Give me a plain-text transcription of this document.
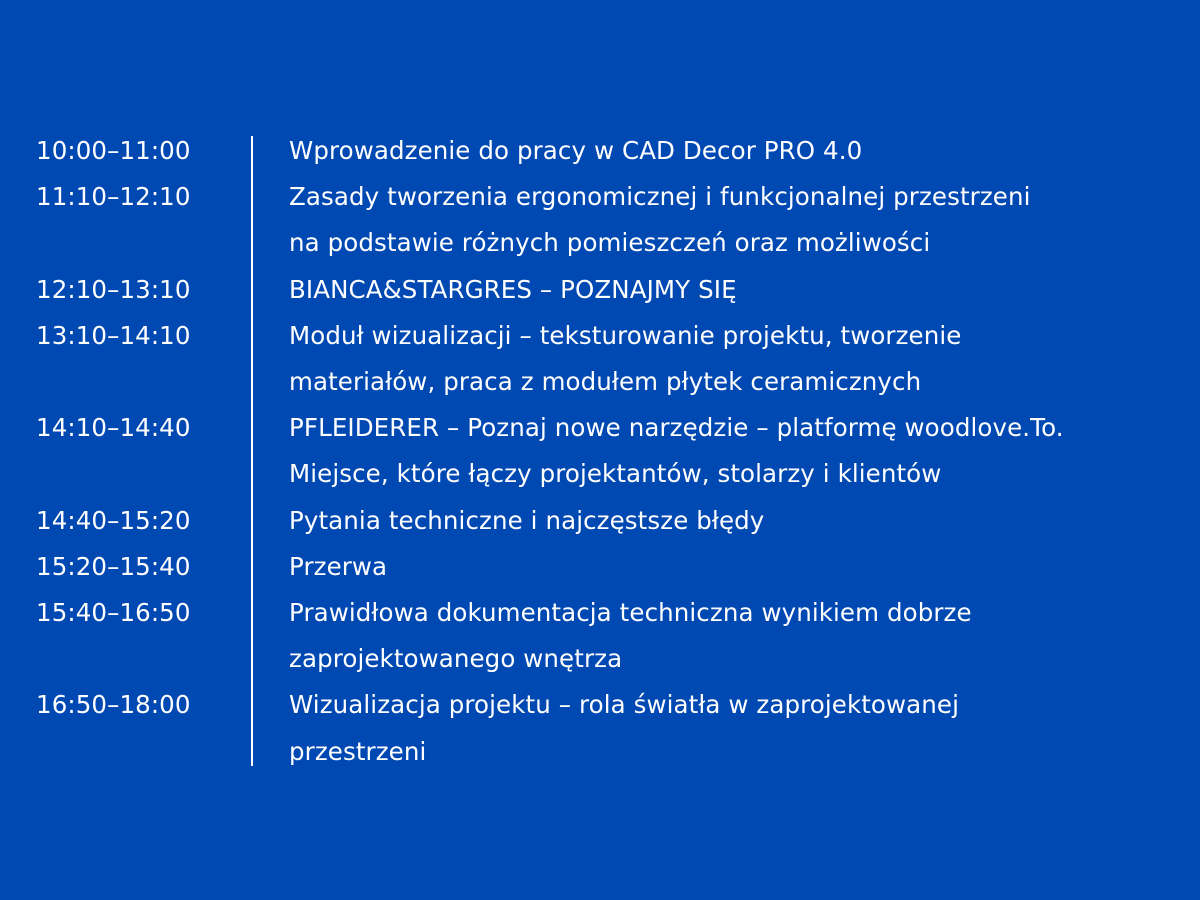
10:00–11:00	Wprowadzenie do pracy w CAD Decor PRO 4.0
11:10–12:10	Zasady tworzenia ergonomicznej i funkcjonalnej przestrzeni
na podstawie różnych pomieszczeń oraz możliwości
12:10–13:10	BIANCA&STARGRES – POZNAJMY SIĘ
13:10–14:10	Moduł wizualizacji – teksturowanie projektu, tworzenie
materiałów, praca z modułem płytek ceramicznych
14:10–14:40	PFLEIDERER – Poznaj nowe narzędzie – platformę woodlove.To.
Miejsce, które łączy projektantów, stolarzy i klientów
14:40–15:20	Pytania techniczne i najczęstsze błędy
15:20–15:40	Przerwa
15:40–16:50	Prawidłowa dokumentacja techniczna wynikiem dobrze
zaprojektowanego wnętrza
16:50–18:00	Wizualizacja projektu – rola światła w zaprojektowanej
przestrzeni
